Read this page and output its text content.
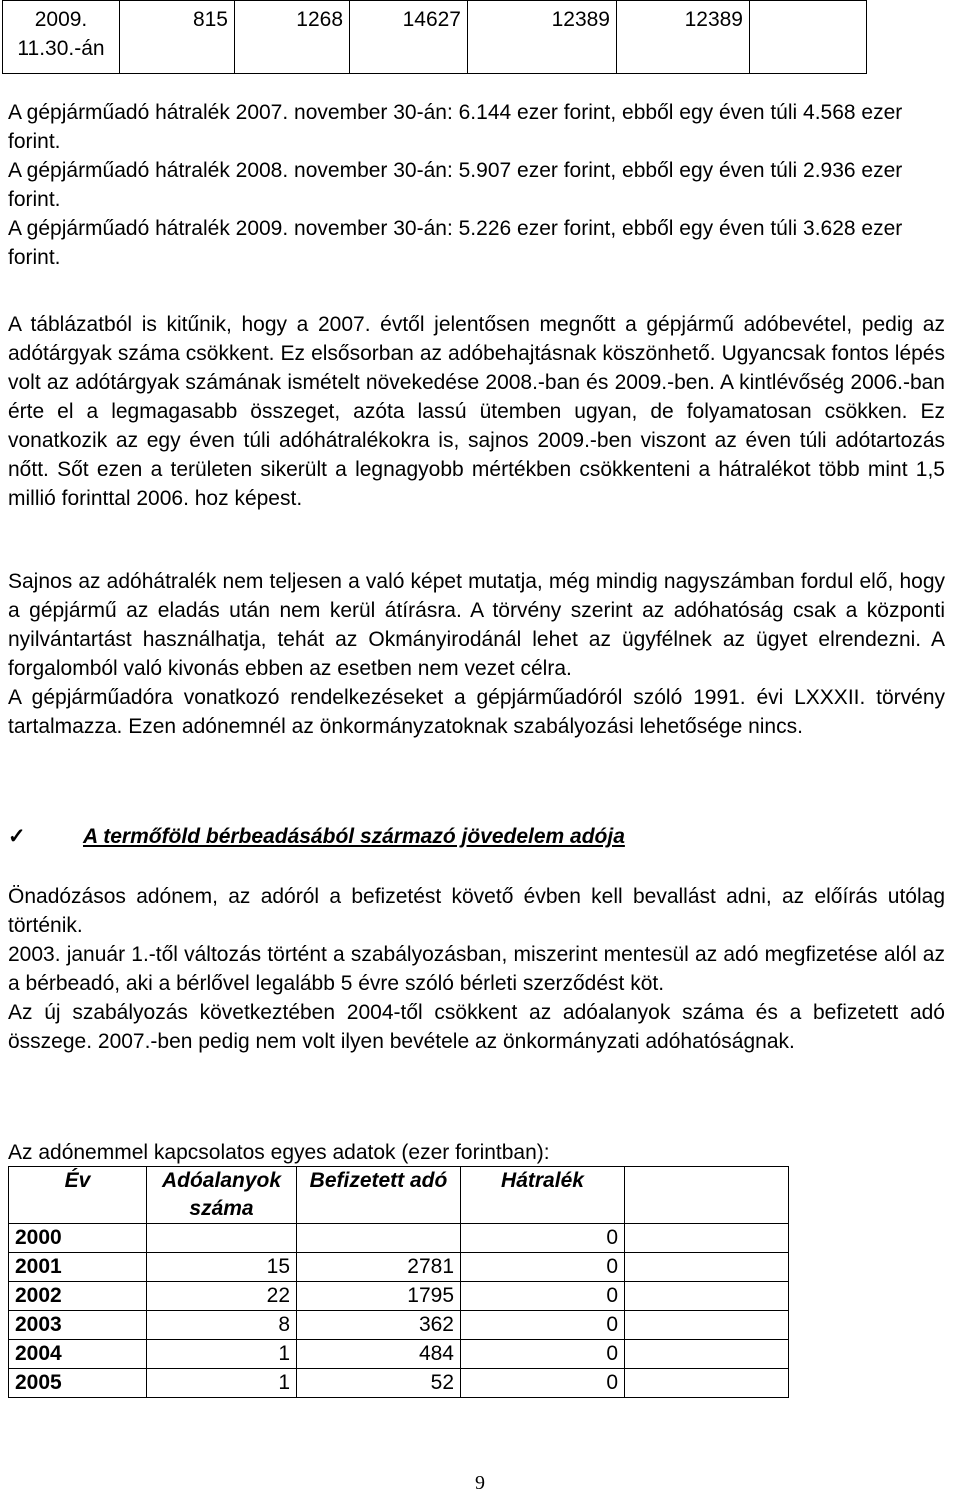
2009. 11.30.-án	815	1268	14627	12389	12389	

A gépjárműadó hátralék 2007. november 30-án: 6.144 ezer forint, ebből egy éven túli 4.568 ezer forint.

A gépjárműadó hátralék 2008. november 30-án: 5.907 ezer forint, ebből egy éven túli 2.936 ezer forint.

A gépjárműadó hátralék 2009. november 30-án: 5.226 ezer forint, ebből egy éven túli 3.628 ezer forint.

A táblázatból is kitűnik, hogy a 2007. évtől jelentősen megnőtt a gépjármű adóbevétel, pedig az adótárgyak száma csökkent. Ez elsősorban az adóbehajtásnak köszönhető. Ugyancsak fontos lépés volt az adótárgyak számának ismételt növekedése 2008.-ban és 2009.-ben. A kintlévőség 2006.-ban érte el a legmagasabb összeget, azóta lassú ütemben ugyan, de folyamatosan csökken. Ez vonatkozik az egy éven túli adóhátralékokra is, sajnos 2009.-ben viszont az éven túli adótartozás nőtt. Sőt ezen a területen sikerült a legnagyobb mértékben csökkenteni a hátralékot több mint 1,5 millió forinttal 2006. hoz képest.

Sajnos az adóhátralék nem teljesen a való képet mutatja, még mindig nagyszámban fordul elő, hogy a gépjármű az eladás után nem kerül átírásra. A törvény szerint az adóhatóság csak a központi nyilvántartást használhatja, tehát az Okmányirodánál lehet az ügyfélnek az ügyet elrendezni. A forgalomból való kivonás ebben az esetben nem vezet célra.

A gépjárműadóra vonatkozó rendelkezéseket a gépjárműadóról szóló 1991. évi LXXXII. törvény tartalmazza. Ezen adónemnél az önkormányzatoknak szabályozási lehetősége nincs.

✓	A termőföld bérbeadásából származó jövedelem adója

Önadózásos adónem, az adóról a befizetést követő évben kell bevallást adni, az előírás utólag történik.

2003. január 1.-től változás történt a szabályozásban, miszerint mentesül az adó megfizetése alól az a bérbeadó, aki a bérlővel legalább 5 évre szóló bérleti szerződést köt.

Az új szabályozás következtében 2004-től csökkent az adóalanyok száma és a befizetett adó összege. 2007.-ben pedig nem volt ilyen bevétele az önkormányzati adóhatóságnak.

Az adónemmel kapcsolatos egyes adatok (ezer forintban):

Év	Adóalanyok száma	Befizetett adó	Hátralék	
2000			0	
2001	15	2781	0	
2002	22	1795	0	
2003	8	362	0	
2004	1	484	0	
2005	1	52	0	
9
